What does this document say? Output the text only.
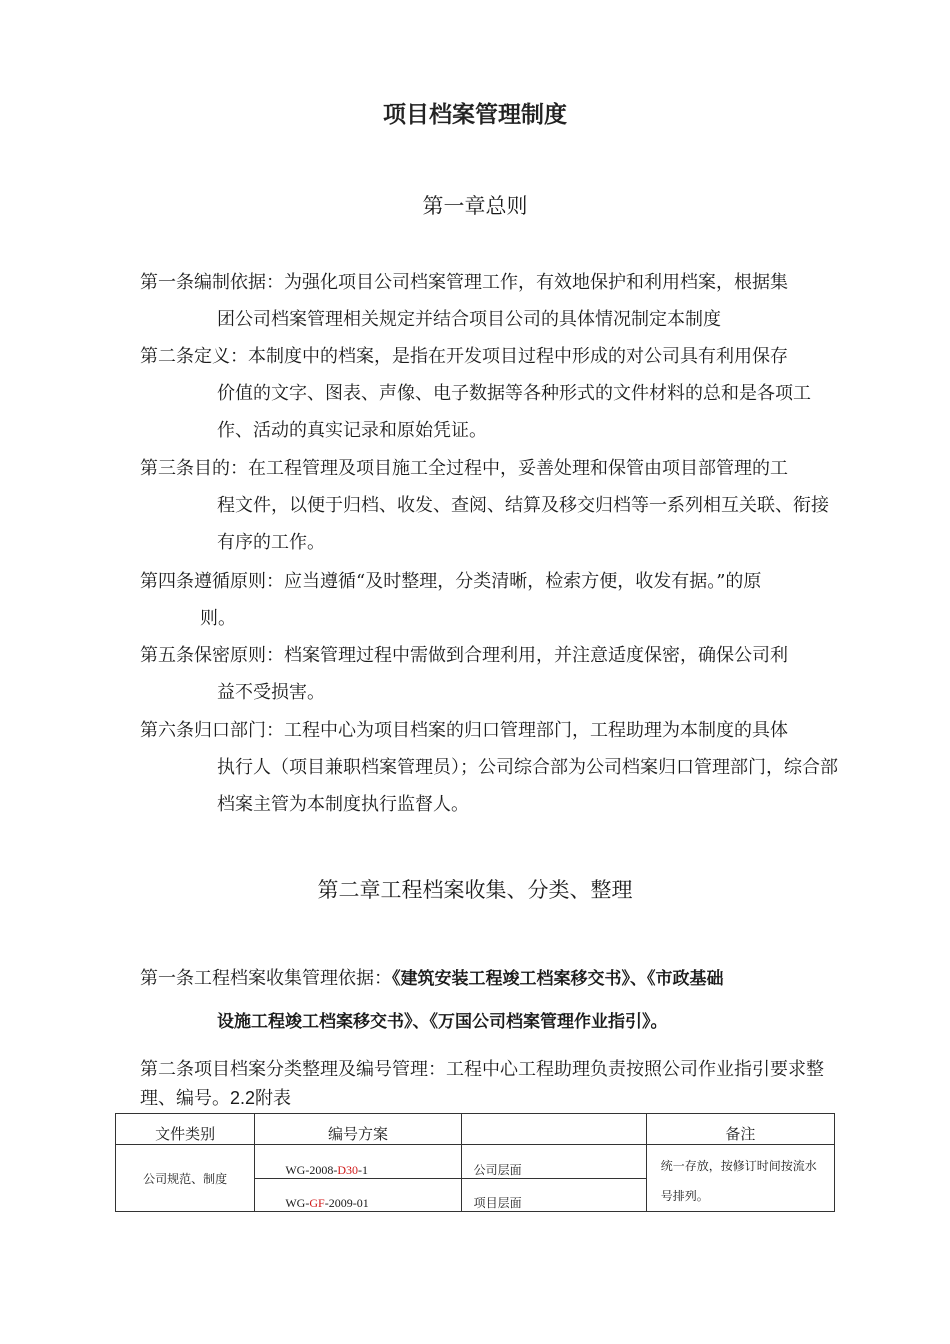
项目档案管理制度
第一章总则
第一条编制依据：为强化项目公司档案管理工作，有效地保护和利用档案，根据集
团公司档案管理相关规定并结合项目公司的具体情况制定本制度
第二条定义：本制度中的档案，是指在开发项目过程中形成的对公司具有利用保存
价值的文字、图表、声像、电子数据等各种形式的文件材料的总和是各项工作、活动的真实记录和原始凭证。
第三条目的：在工程管理及项目施工全过程中，妥善处理和保管由项目部管理的工
程文件，以便于归档、收发、查阅、结算及移交归档等一系列相互关联、衔接有序的工作。
第四条遵循原则：应当遵循“及时整理，分类清晰，检索方便，收发有据。”的原
则。
第五条保密原则：档案管理过程中需做到合理利用，并注意适度保密，确保公司利
益不受损害。
第六条归口部门：工程中心为项目档案的归口管理部门，工程助理为本制度的具体
执行人（项目兼职档案管理员）；公司综合部为公司档案归口管理部门，综合部档案主管为本制度执行监督人。
第二章工程档案收集、分类、整理
第一条工程档案收集管理依据：《建筑安装工程竣工档案移交书》、《市政基础
设施工程竣工档案移交书》、《万国公司档案管理作业指引》。
第二条项目档案分类整理及编号管理：工程中心工程助理负责按照公司作业指引要求整理、编号。2.2附表
文件类别	编号方案		备注
公司规范、制度	WG-2008-D30-1	公司层面	统一存放，按修订时间按流水号排列。
	WG-GF-2009-01	项目层面	
